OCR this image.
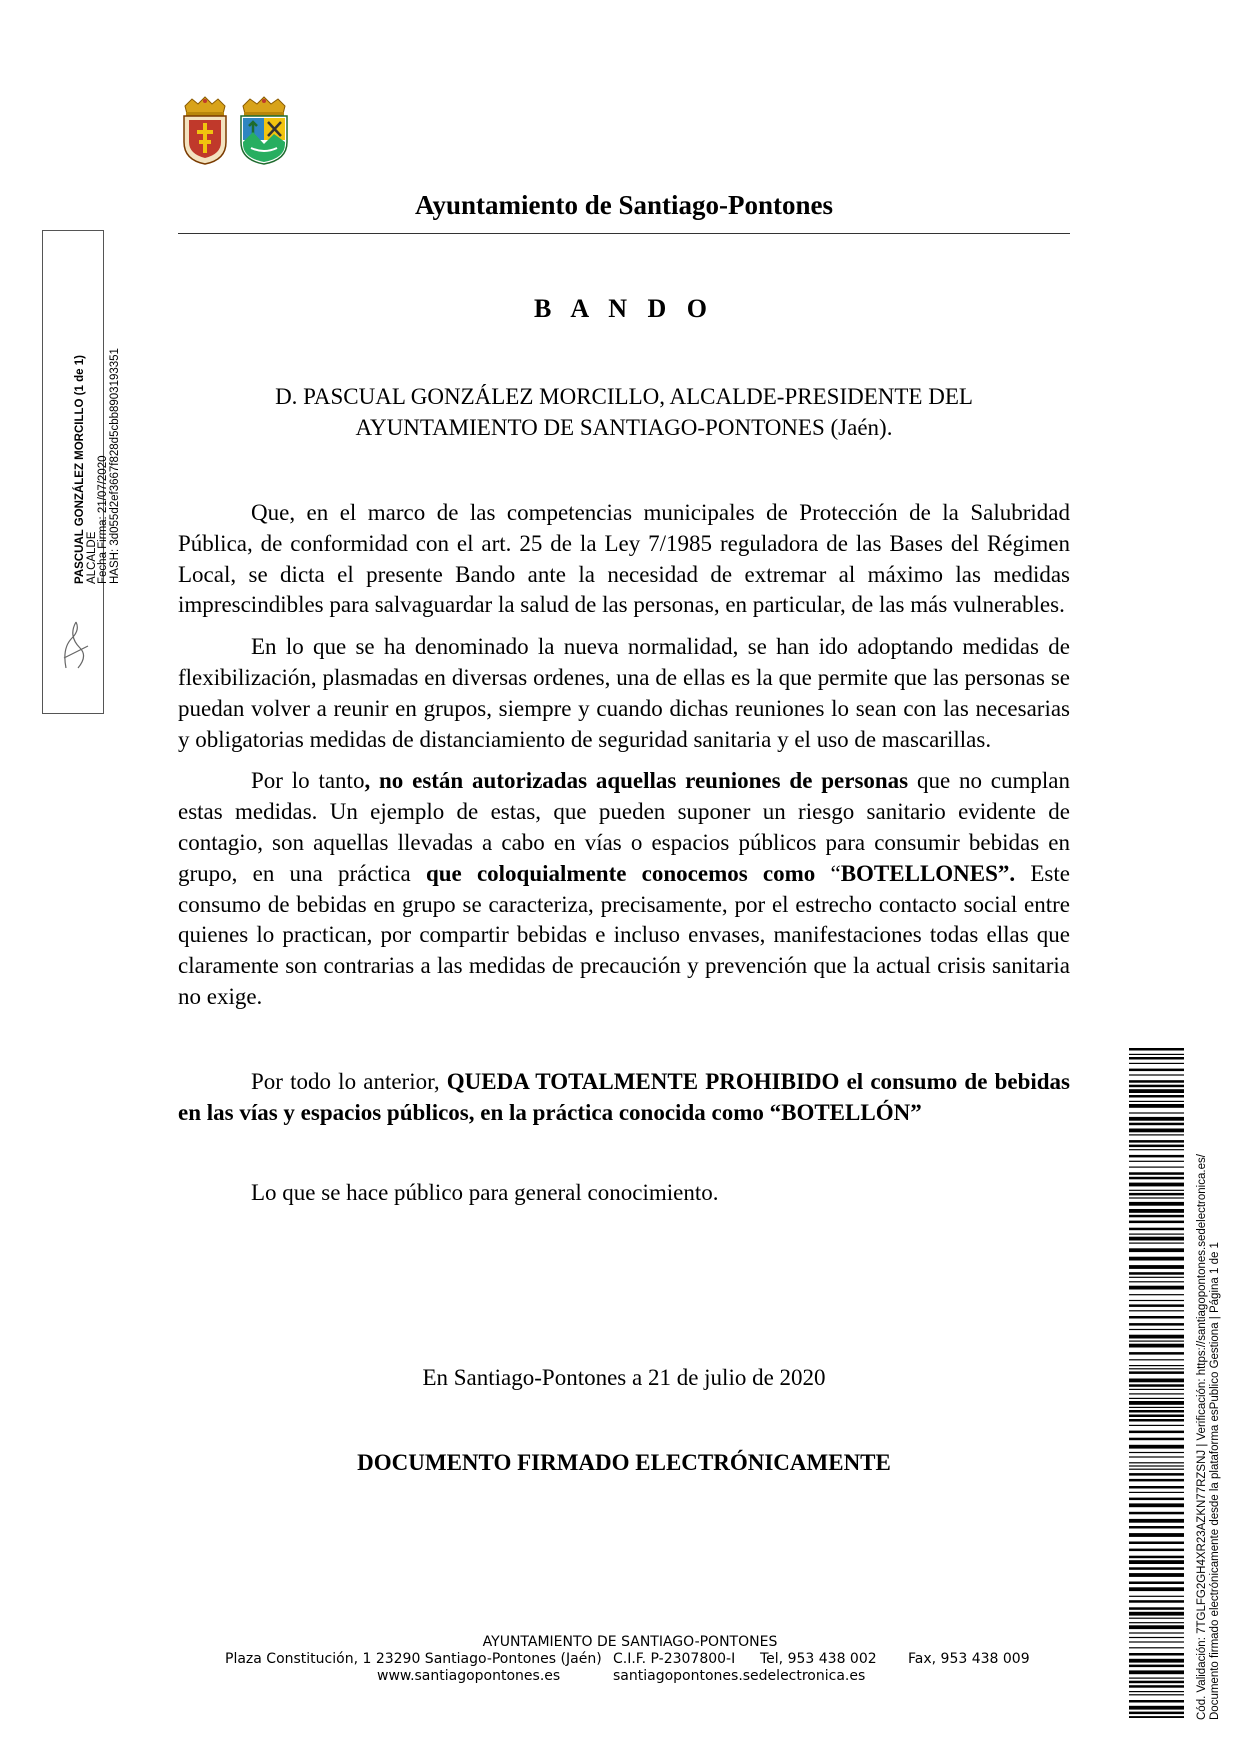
Ayuntamiento de Santiago-Pontones
B A N D O
D. PASCUAL GONZÁLEZ MORCILLO, ALCALDE-PRESIDENTE DEL
AYUNTAMIENTO DE SANTIAGO-PONTONES (Jaén).

Que, en el marco de las competencias municipales de Protección de la Salubridad Pública, de conformidad con el art. 25 de la Ley 7/1985 reguladora de las Bases del Régimen Local, se dicta el presente Bando ante la necesidad de extremar al máximo las medidas imprescindibles para salvaguardar la salud de las personas, en particular, de las más vulnerables.

En lo que se ha denominado la nueva normalidad, se han ido adoptando medidas de flexibilización, plasmadas en diversas ordenes, una de ellas es la que permite que las personas se puedan volver a reunir en grupos, siempre y cuando dichas reuniones lo sean con las necesarias y obligatorias medidas de distanciamiento de seguridad sanitaria y el uso de mascarillas.

Por lo tanto, no están autorizadas aquellas reuniones de personas que no cumplan estas medidas. Un ejemplo de estas, que pueden suponer un riesgo sanitario evidente de contagio, son aquellas llevadas a cabo en vías o espacios públicos para consumir bebidas en grupo, en una práctica que coloquialmente conocemos como “BOTELLONES”. Este consumo de bebidas en grupo se caracteriza, precisamente, por el estrecho contacto social entre quienes lo practican, por compartir bebidas e incluso envases, manifestaciones todas ellas que claramente son contrarias a las medidas de precaución y prevención que la actual crisis sanitaria no exige.

Por todo lo anterior, QUEDA TOTALMENTE PROHIBIDO el consumo de bebidas en las vías y espacios públicos, en la práctica conocida como “BOTELLÓN”

Lo que se hace público para general conocimiento.

En Santiago-Pontones a 21 de julio de 2020
DOCUMENTO FIRMADO ELECTRÓNICAMENTE
AYUNTAMIENTO DE SANTIAGO-PONTONES
Plaza Constitución, 1 23290 Santiago-Pontones (Jaén) C.I.F. P-2307800-I Tel, 953 438 002 Fax, 953 438 009
www.santiagopontones.es	santiagopontones.sedelectronica.es
PASCUAL GONZÁLEZ MORCILLO (1 de 1) ALCALDE Fecha Firma: 21/07/2020 HASH: 3d055d2ef3667f828d5cbb8903193351
Cód. Validación: 7TGLFG2GH4XR23AZKN77RZSNJ | Verificación: https://santiagopontones.sedelectronica.es/ Documento firmado electrónicamente desde la plataforma esPublico Gestiona | Página 1 de 1
